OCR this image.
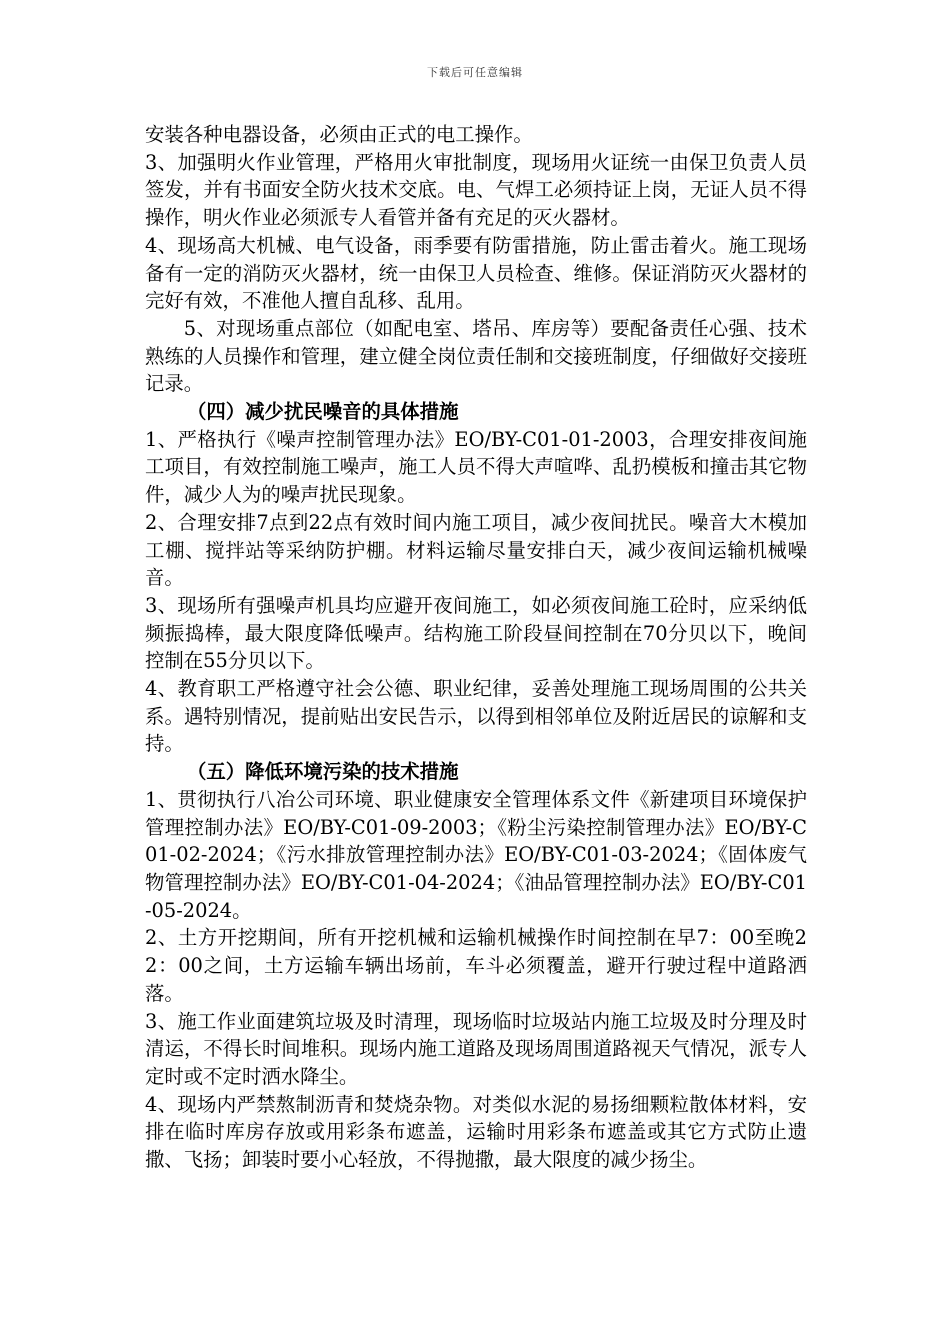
下载后可任意编辑

安装各种电器设备，必须由正式的电工操作。

3、加强明火作业管理，严格用火审批制度，现场用火证统一由保卫负责人员签发，并有书面安全防火技术交底。电、气焊工必须持证上岗，无证人员不得操作，明火作业必须派专人看管并备有充足的灭火器材。

4、现场高大机械、电气设备，雨季要有防雷措施，防止雷击着火。施工现场备有一定的消防灭火器材，统一由保卫人员检查、维修。保证消防灭火器材的完好有效，不准他人擅自乱移、乱用。

5、对现场重点部位（如配电室、塔吊、库房等）要配备责任心强、技术熟练的人员操作和管理，建立健全岗位责任制和交接班制度，仔细做好交接班记录。

（四）减少扰民噪音的具体措施

1、严格执行《噪声控制管理办法》EO/BY-C01-01-2003，合理安排夜间施工项目，有效控制施工噪声，施工人员不得大声喧哗、乱扔模板和撞击其它物件，减少人为的噪声扰民现象。

2、合理安排7点到22点有效时间内施工项目，减少夜间扰民。噪音大木模加工棚、搅拌站等采纳防护棚。材料运输尽量安排白天，减少夜间运输机械噪音。

3、现场所有强噪声机具均应避开夜间施工，如必须夜间施工砼时，应采纳低频振捣棒，最大限度降低噪声。结构施工阶段昼间控制在70分贝以下，晚间控制在55分贝以下。

4、教育职工严格遵守社会公德、职业纪律，妥善处理施工现场周围的公共关系。遇特别情况，提前贴出安民告示，以得到相邻单位及附近居民的谅解和支持。

（五）降低环境污染的技术措施

1、贯彻执行八冶公司环境、职业健康安全管理体系文件《新建项目环境保护管理控制办法》EO/BY-C01-09-2003；《粉尘污染控制管理办法》EO/BY-C01-02-2024；《污水排放管理控制办法》EO/BY-C01-03-2024；《固体废气物管理控制办法》EO/BY-C01-04-2024；《油品管理控制办法》EO/BY-C01-05-2024。

2、土方开挖期间，所有开挖机械和运输机械操作时间控制在早7：00至晚22：00之间，土方运输车辆出场前，车斗必须覆盖，避开行驶过程中道路洒落。

3、施工作业面建筑垃圾及时清理，现场临时垃圾站内施工垃圾及时分理及时清运，不得长时间堆积。现场内施工道路及现场周围道路视天气情况，派专人定时或不定时洒水降尘。

4、现场内严禁熬制沥青和焚烧杂物。对类似水泥的易扬细颗粒散体材料，安排在临时库房存放或用彩条布遮盖，运输时用彩条布遮盖或其它方式防止遗撒、飞扬；卸装时要小心轻放，不得抛撒，最大限度的减少扬尘。
